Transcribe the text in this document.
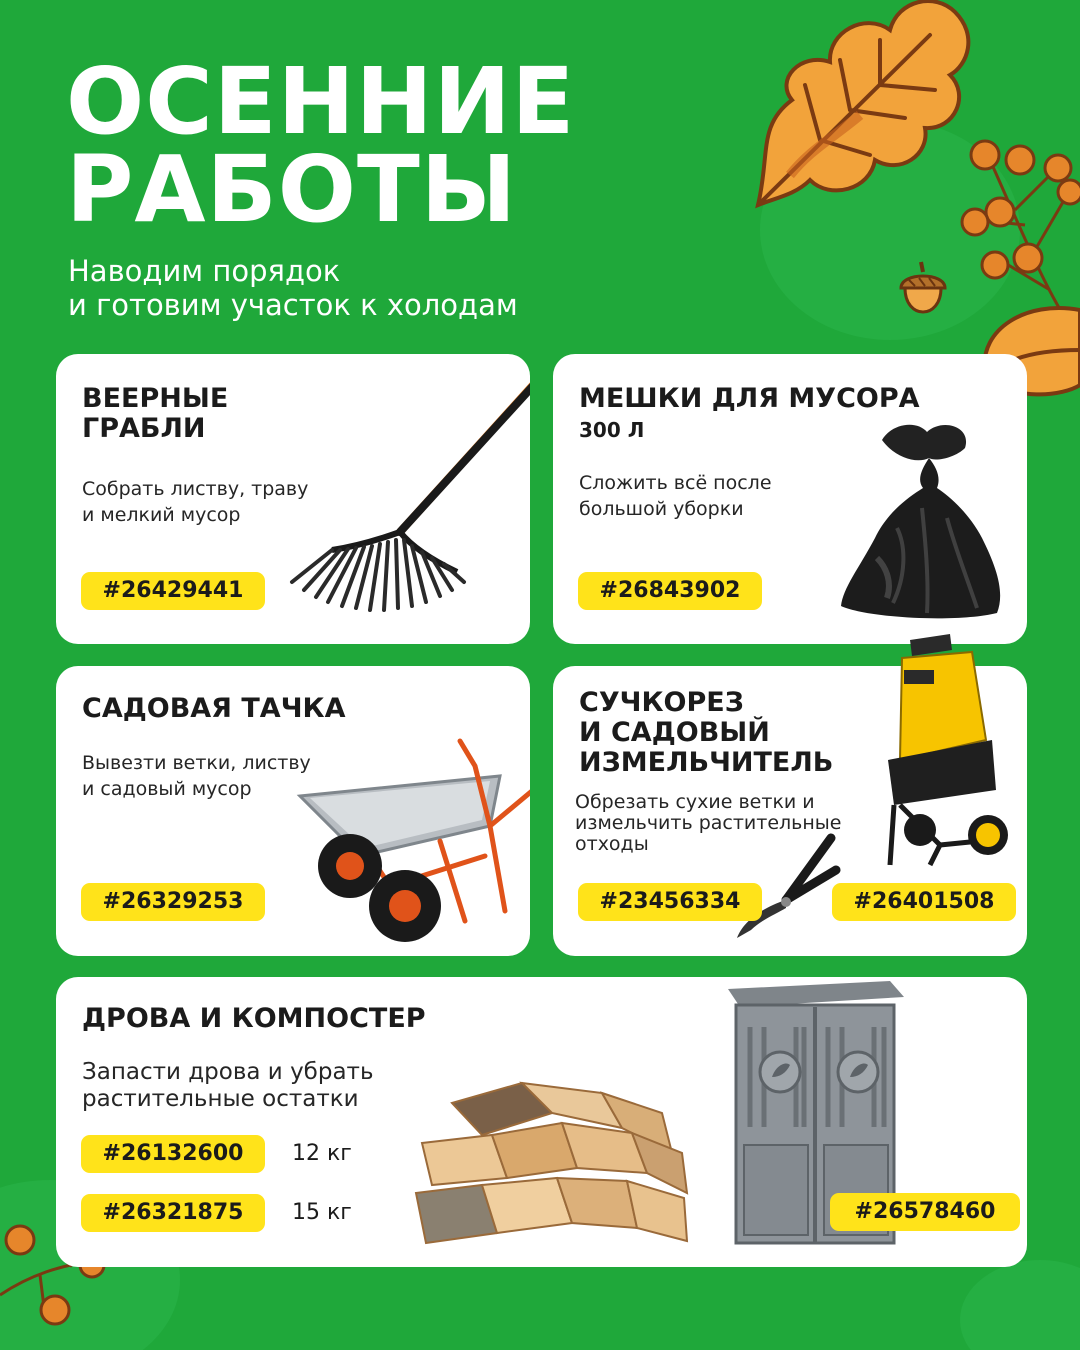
ОСЕННИЕ
РАБОТЫ

Наводим порядок
и готовим участок к холодам

ВЕЕРНЫЕ
ГРАБЛИ

Собрать листву, траву
и мелкий мусор

#26429441
МЕШКИ ДЛЯ МУСОРА
300 Л

Сложить всё после
большой уборки

#26843902
САДОВАЯ ТАЧКА

Вывезти ветки, листву
и садовый мусор

#26329253
СУЧКОРЕЗ
И САДОВЫЙ
ИЗМЕЛЬЧИТЕЛЬ

Обрезать сухие ветки и
измельчить растительные
отходы

#23456334	#26401508
ДРОВА И КОМПОСТЕР

Запасти дрова и убрать
растительные остатки

#26132600	12 кг
#26321875	15 кг	#26578460
